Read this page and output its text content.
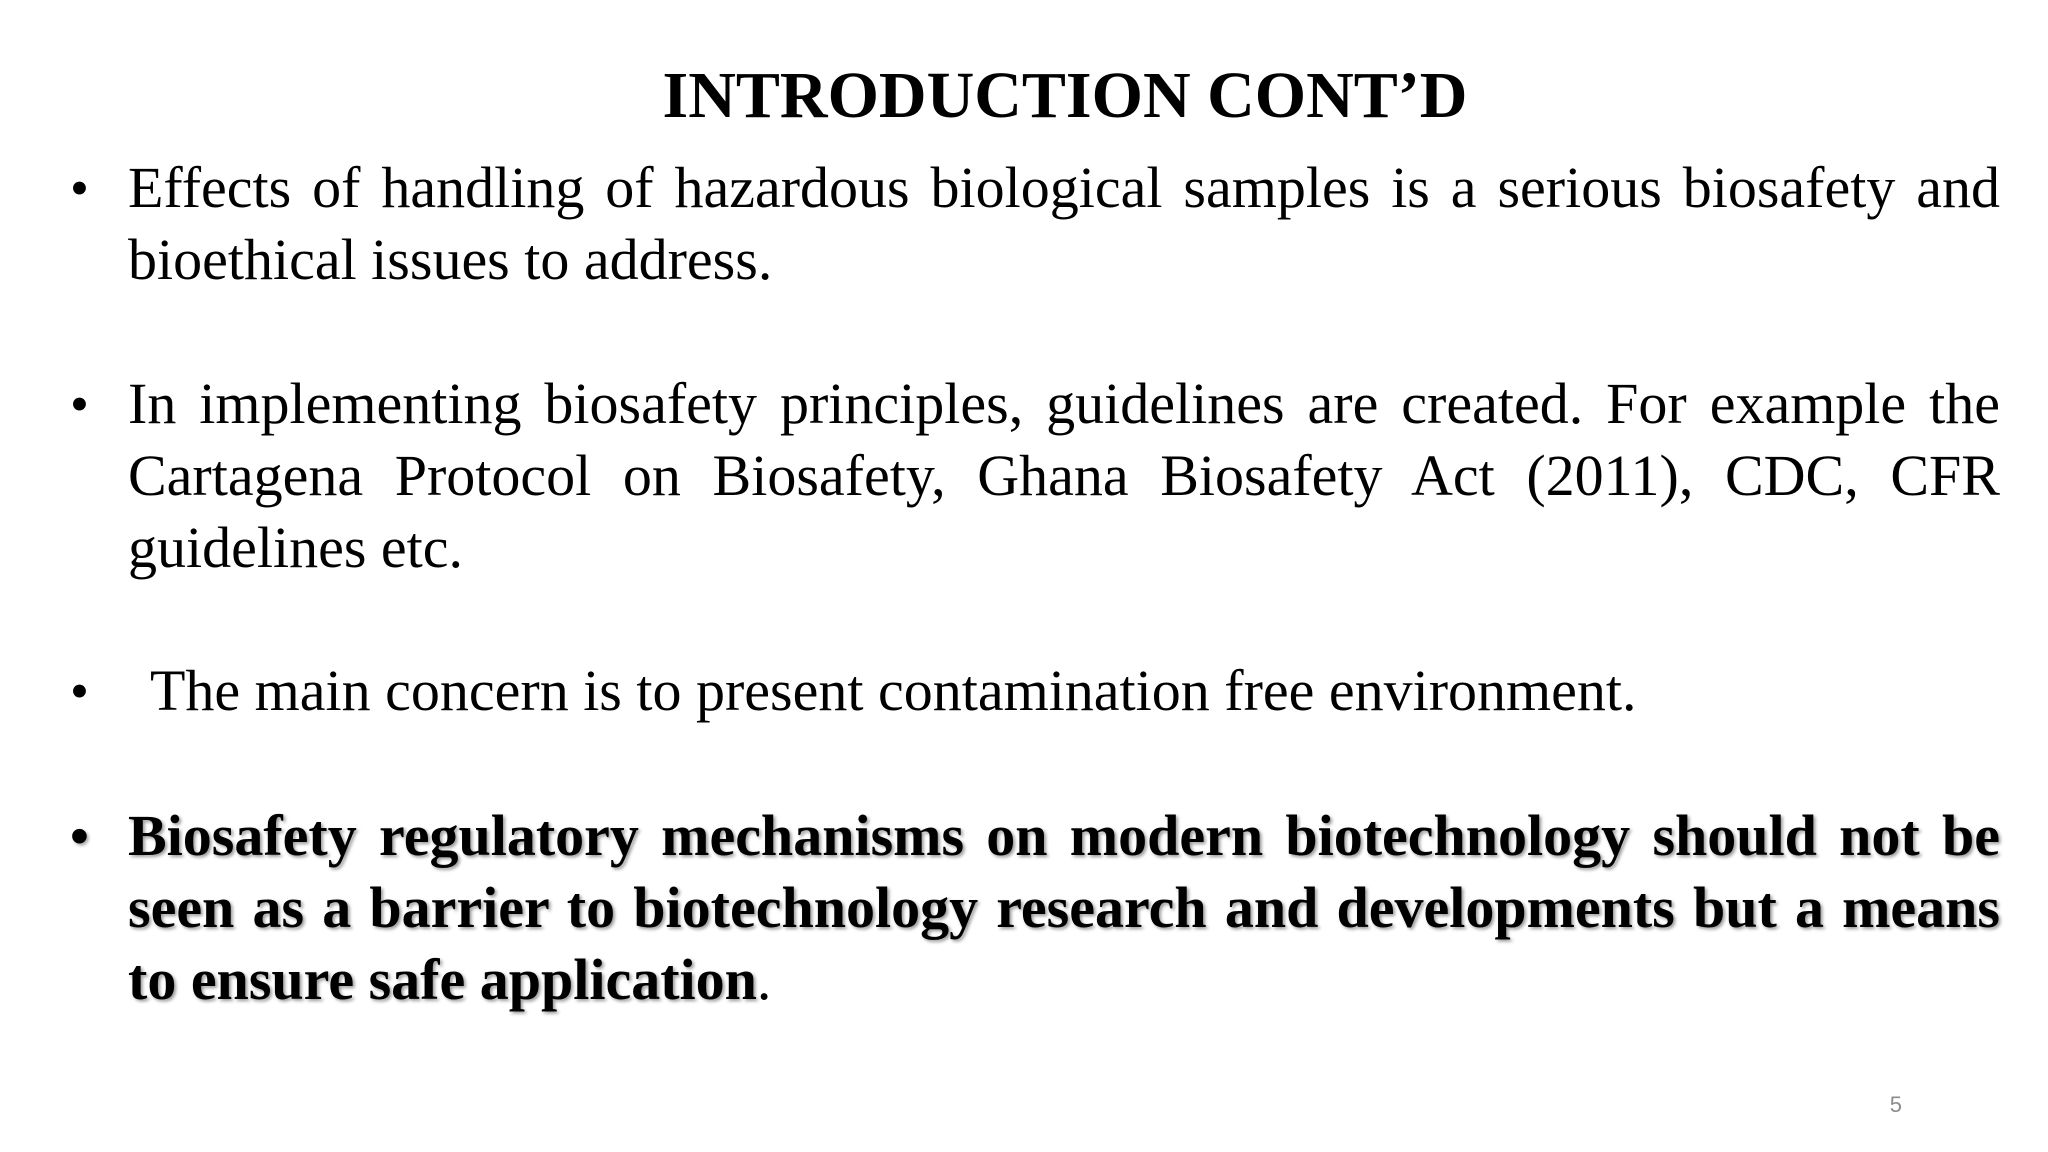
INTRODUCTION CONT’D
• Effects of handling of hazardous biological samples is a serious biosafety and bioethical issues to address.
• In implementing biosafety principles, guidelines are created. For example the Cartagena Protocol on Biosafety, Ghana Biosafety Act (2011), CDC, CFR guidelines etc.
•	The main concern is to present contamination free environment.
• Biosafety regulatory mechanisms on modern biotechnology should not be seen as a barrier to biotechnology research and developments but a means to ensure safe application.
5
